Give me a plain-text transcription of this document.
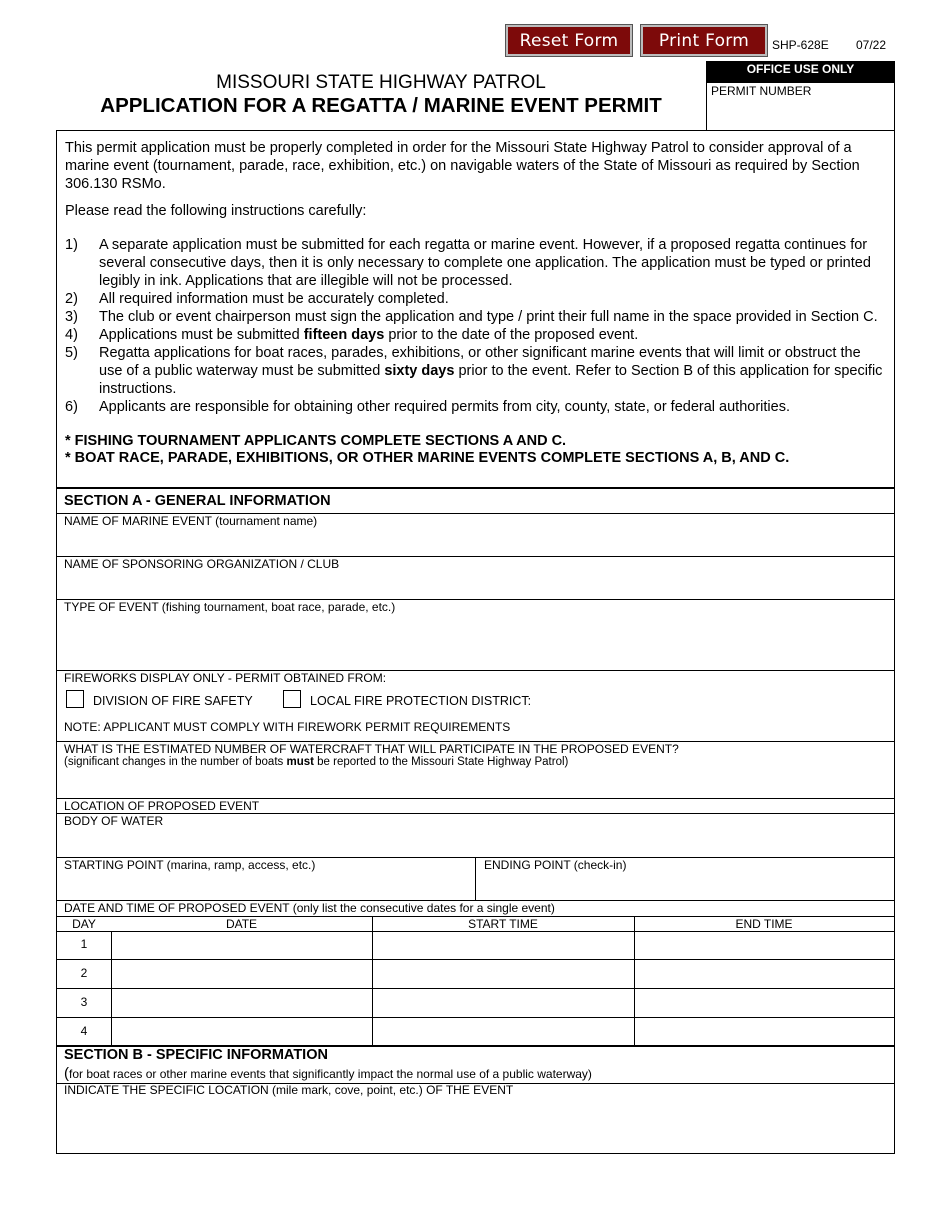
Reset Form	Print Form	SHP-628E 07/22
OFFICE USE ONLY
PERMIT NUMBER
MISSOURI STATE HIGHWAY PATROL
APPLICATION FOR A REGATTA / MARINE EVENT PERMIT

This permit application must be properly completed in order for the Missouri State Highway Patrol to consider approval of a marine event (tournament, parade, race, exhibition, etc.) on navigable waters of the State of Missouri as required by Section 306.130 RSMo.

Please read the following instructions carefully:

1)	A separate application must be submitted for each regatta or marine event. However, if a proposed regatta continues for several consecutive days, then it is only necessary to complete one application. The application must be typed or printed legibly in ink. Applications that are illegible will not be processed.
2)	All required information must be accurately completed.
3)	The club or event chairperson must sign the application and type / print their full name in the space provided in Section C.
4)	Applications must be submitted fifteen days prior to the date of the proposed event.
5)	Regatta applications for boat races, parades, exhibitions, or other significant marine events that will limit or obstruct the use of a public waterway must be submitted sixty days prior to the event. Refer to Section B of this application for specific instructions.
6)	Applicants are responsible for obtaining other required permits from city, county, state, or federal authorities.
* FISHING TOURNAMENT APPLICANTS COMPLETE SECTIONS A AND C.
* BOAT RACE, PARADE, EXHIBITIONS, OR OTHER MARINE EVENTS COMPLETE SECTIONS A, B, AND C.
SECTION A - GENERAL INFORMATION
NAME OF MARINE EVENT (tournament name)
NAME OF SPONSORING ORGANIZATION / CLUB
TYPE OF EVENT (fishing tournament, boat race, parade, etc.)
FIREWORKS DISPLAY ONLY - PERMIT OBTAINED FROM:
DIVISION OF FIRE SAFETY	LOCAL FIRE PROTECTION DISTRICT:
NOTE: APPLICANT MUST COMPLY WITH FIREWORK PERMIT REQUIREMENTS
WHAT IS THE ESTIMATED NUMBER OF WATERCRAFT THAT WILL PARTICIPATE IN THE PROPOSED EVENT?
(significant changes in the number of boats must be reported to the Missouri State Highway Patrol)
LOCATION OF PROPOSED EVENT
BODY OF WATER
STARTING POINT (marina, ramp, access, etc.)	ENDING POINT (check-in)
DATE AND TIME OF PROPOSED EVENT (only list the consecutive dates for a single event)
DAY	DATE	START TIME	END TIME
1
2
3
4
SECTION B - SPECIFIC INFORMATION
(for boat races or other marine events that significantly impact the normal use of a public waterway)
INDICATE THE SPECIFIC LOCATION (mile mark, cove, point, etc.) OF THE EVENT
